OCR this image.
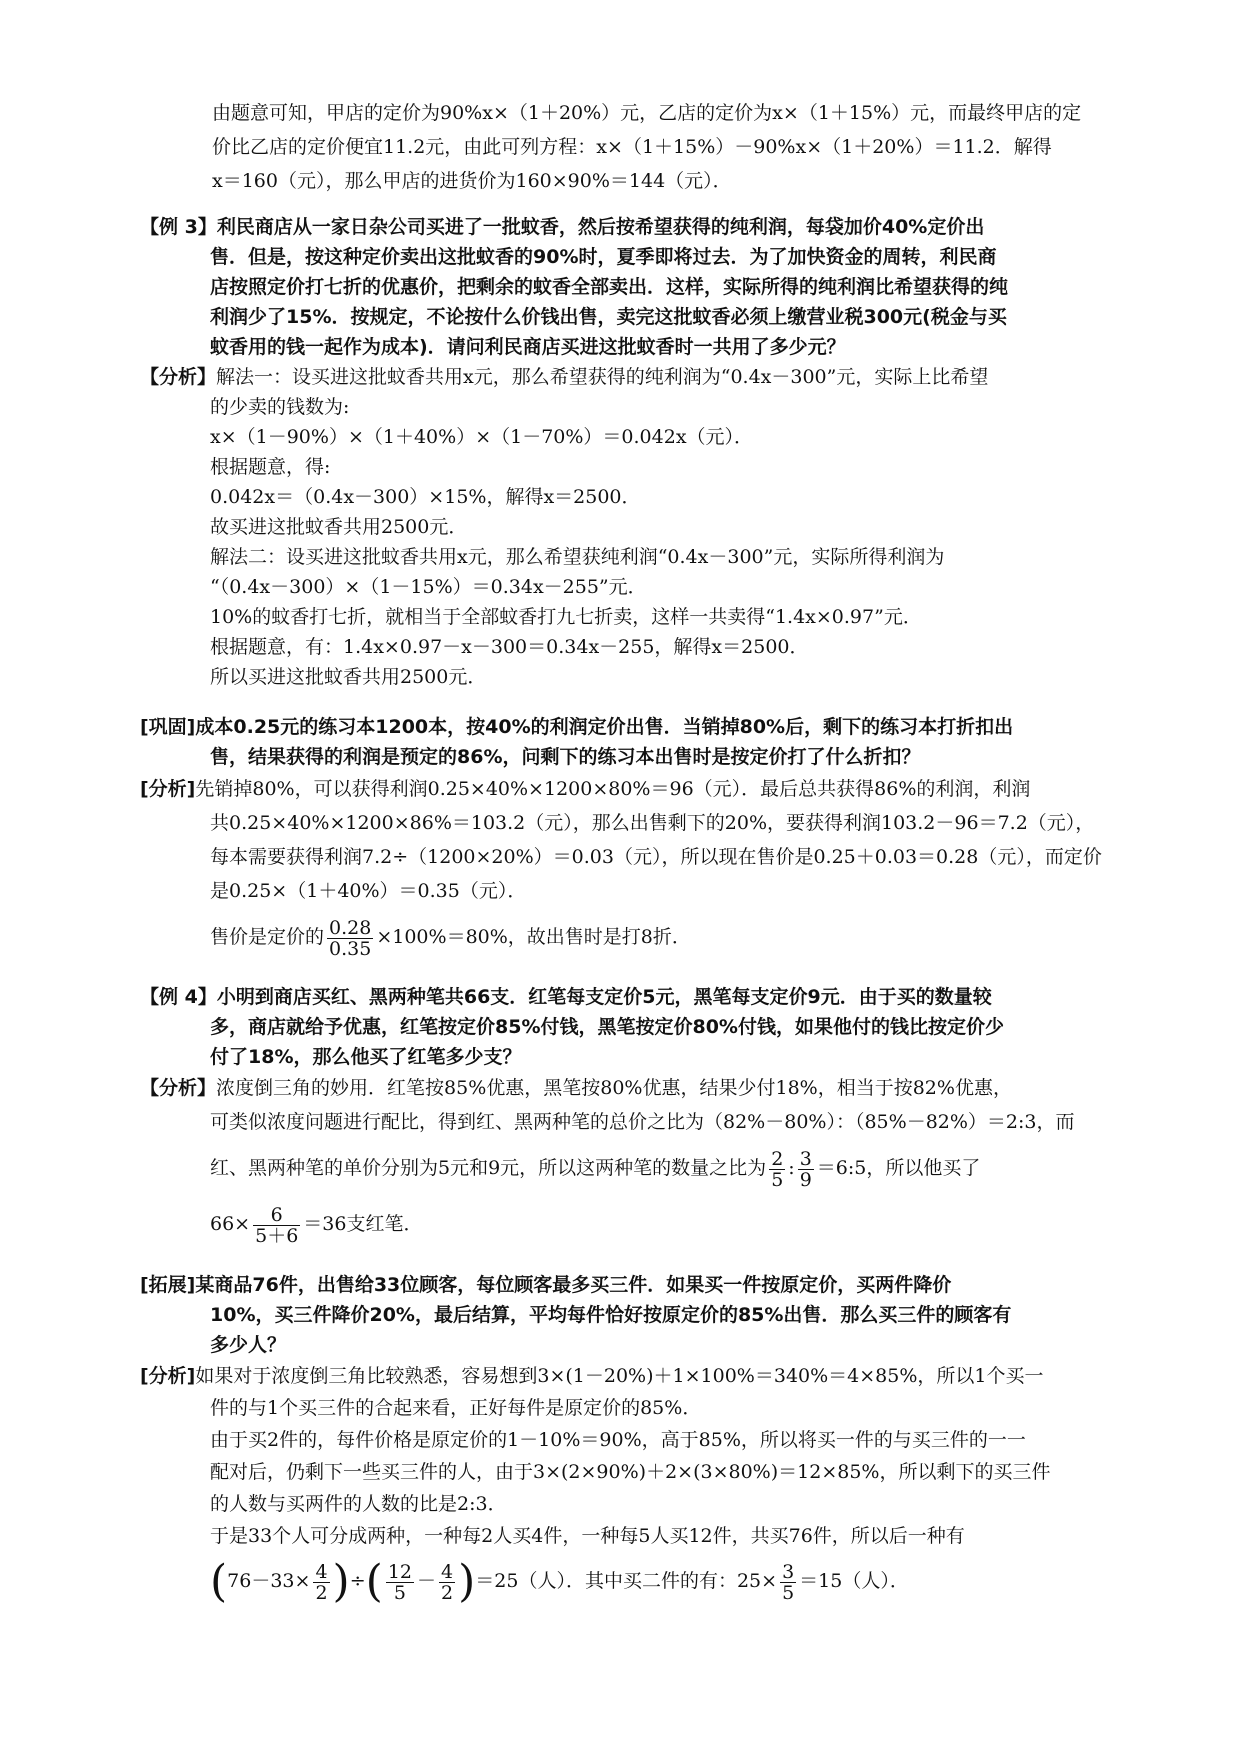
由题意可知，甲店的定价为90%x×（1＋20%）元，乙店的定价为x×（1＋15%）元，而最终甲店的定
价比乙店的定价便宜11.2元，由此可列方程：x×（1＋15%）－90%x×（1＋20%）＝11.2．解得
x＝160（元），那么甲店的进货价为160×90%＝144（元）．
【例 3】利民商店从一家日杂公司买进了一批蚊香，然后按希望获得的纯利润，每袋加价40%定价出
售．但是，按这种定价卖出这批蚊香的90%时，夏季即将过去．为了加快资金的周转，利民商
店按照定价打七折的优惠价，把剩余的蚊香全部卖出．这样，实际所得的纯利润比希望获得的纯
利润少了15%．按规定，不论按什么价钱出售，卖完这批蚊香必须上缴营业税300元(税金与买
蚊香用的钱一起作为成本)．请问利民商店买进这批蚊香时一共用了多少元？
【分析】解法一：设买进这批蚊香共用x元，那么希望获得的纯利润为“0.4x－300”元，实际上比希望
的少卖的钱数为:
x×（1－90%）×（1＋40%）×（1－70%）＝0.042x（元）．
根据题意，得:
0.042x＝（0.4x－300）×15%，解得x＝2500．
故买进这批蚊香共用2500元．
解法二：设买进这批蚊香共用x元，那么希望获纯利润“0.4x－300”元，实际所得利润为
“（0.4x－300）×（1－15%）＝0.34x－255”元．
10%的蚊香打七折，就相当于全部蚊香打九七折卖，这样一共卖得“1.4x×0.97”元．
根据题意，有：1.4x×0.97－x－300＝0.34x－255，解得x＝2500．
所以买进这批蚊香共用2500元．
[巩固]成本0.25元的练习本1200本，按40%的利润定价出售．当销掉80%后，剩下的练习本打折扣出
售，结果获得的利润是预定的86%，问剩下的练习本出售时是按定价打了什么折扣？
[分析]先销掉80%，可以获得利润0.25×40%×1200×80%＝96（元）．最后总共获得86%的利润，利润
共0.25×40%×1200×86%＝103.2（元），那么出售剩下的20%，要获得利润103.2－96＝7.2（元），
每本需要获得利润7.2÷（1200×20%）＝0.03（元），所以现在售价是0.25＋0.03＝0.28（元），而定价
是0.25×（1＋40%）＝0.35（元）．
售价是定价的 $\frac{0.28}{0.35} \times 100\%=80\%$，故出售时是打8折．
【例 4】小明到商店买红、黑两种笔共66支．红笔每支定价5元，黑笔每支定价9元．由于买的数量较
多，商店就给予优惠，红笔按定价85%付钱，黑笔按定价80%付钱，如果他付的钱比按定价少
付了18%，那么他买了红笔多少支？
【分析】浓度倒三角的妙用．红笔按85%优惠，黑笔按80%优惠，结果少付18%，相当于按82%优惠，
可类似浓度问题进行配比，得到红、黑两种笔的总价之比为（82%－80%）：（85%－82%）＝2:3，而
红、黑两种笔的单价分别为5元和9元，所以这两种笔的数量之比为 $\frac{2}{5}$ : $\frac{3}{9}$ ＝6:5，所以他买了
$66\times \frac{6}{5+6} =36$支红笔．
[拓展]某商品76件，出售给33位顾客，每位顾客最多买三件．如果买一件按原定价，买两件降价
10%，买三件降价20%，最后结算，平均每件恰好按原定价的85%出售．那么买三件的顾客有
多少人？
[分析]如果对于浓度倒三角比较熟悉，容易想到3×(1－20%)＋1×100%＝340%＝4×85%，所以1个买一
件的与1个买三件的合起来看，正好每件是原定价的85%．
由于买2件的，每件价格是原定价的1－10%＝90%，高于85%，所以将买一件的与买三件的一一
配对后，仍剩下一些买三件的人，由于3×(2×90%)＋2×(3×80%)＝12×85%，所以剩下的买三件
的人数与买两件的人数的比是2:3．
于是33个人可分成两种，一种每2人买4件，一种每5人买12件，共买76件，所以后一种有
($76-33\times \frac{4}{2}$ )÷( $\frac{12}{5} - \frac{4}{2} )=25$（人）．其中买二件的有：$25\times \frac{3}{5} =15$（人）．
